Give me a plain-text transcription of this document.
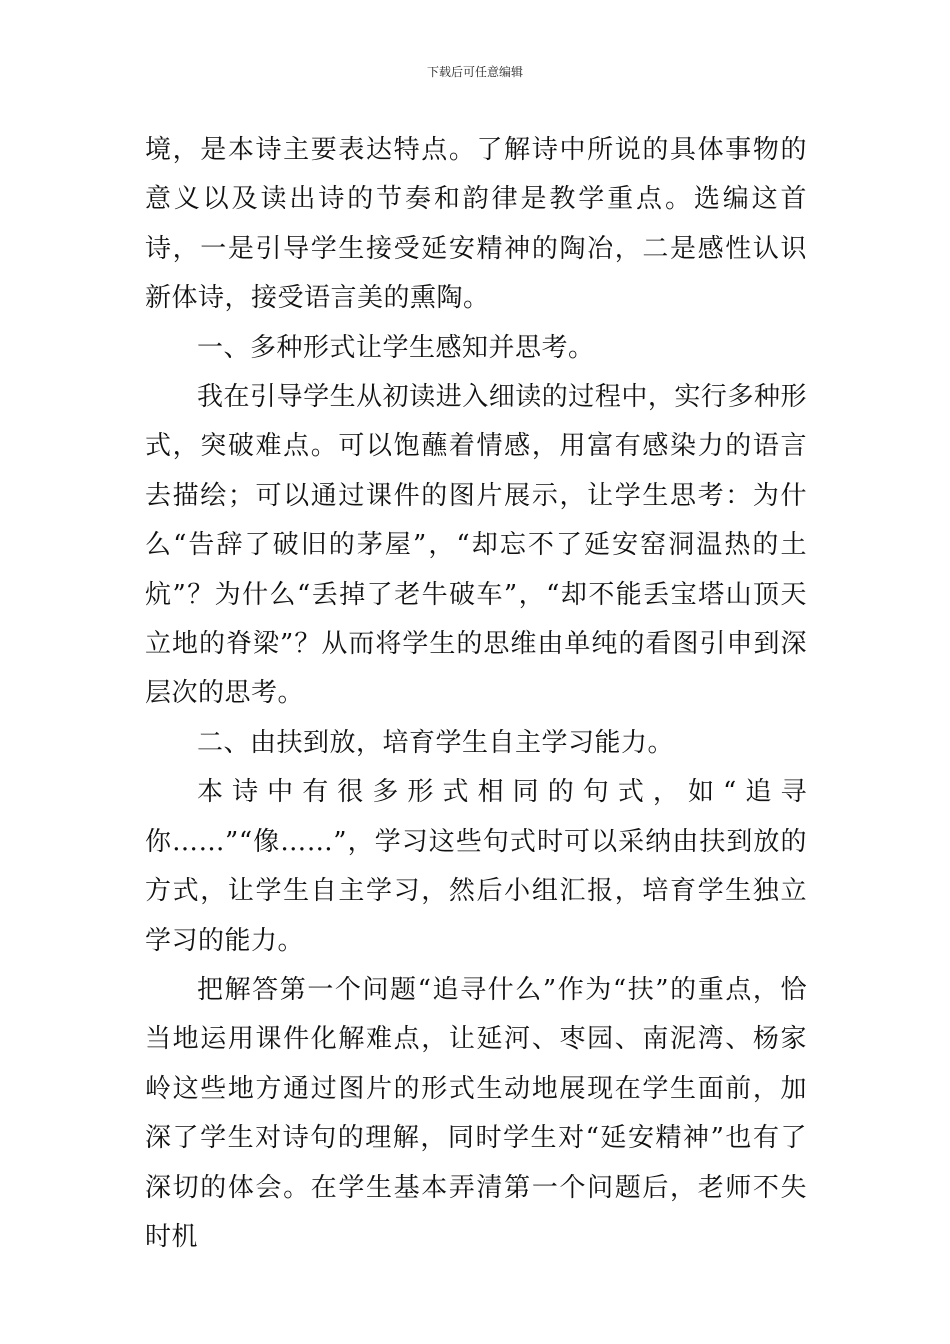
下载后可任意编辑

境，是本诗主要表达特点。了解诗中所说的具体事物的意义以及读出诗的节奏和韵律是教学重点。选编这首诗，一是引导学生接受延安精神的陶冶，二是感性认识新体诗，接受语言美的熏陶。

一、多种形式让学生感知并思考。

我在引导学生从初读进入细读的过程中，实行多种形式，突破难点。可以饱蘸着情感，用富有感染力的语言去描绘；可以通过课件的图片展示，让学生思考：为什么“告辞了破旧的茅屋”，“却忘不了延安窑洞温热的土炕”？为什么“丢掉了老牛破车”，“却不能丢宝塔山顶天立地的脊梁”？从而将学生的思维由单纯的看图引申到深层次的思考。

二、由扶到放，培育学生自主学习能力。

本诗中有很多形式相同的句式，如“追寻你……”“像……”，学习这些句式时可以采纳由扶到放的方式，让学生自主学习，然后小组汇报，培育学生独立学习的能力。

把解答第一个问题“追寻什么”作为“扶”的重点，恰当地运用课件化解难点，让延河、枣园、南泥湾、杨家岭这些地方通过图片的形式生动地展现在学生面前，加深了学生对诗句的理解，同时学生对“延安精神”也有了深切的体会。在学生基本弄清第一个问题后，老师不失时机
